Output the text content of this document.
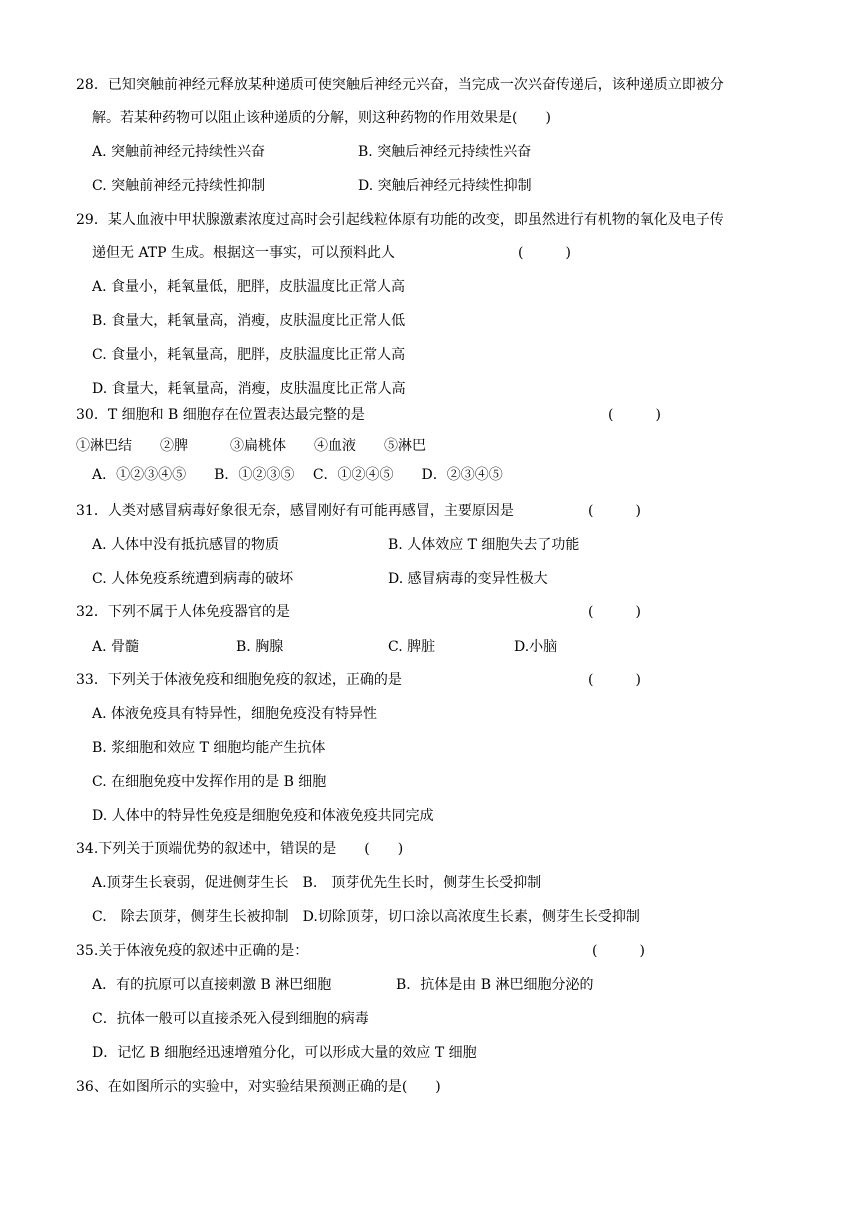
28．已知突触前神经元释放某种递质可使突触后神经元兴奋，当完成一次兴奋传递后，该种递质立即被分
解。若某种药物可以阻止该种递质的分解，则这种药物的作用效果是(　　)
A. 突触前神经元持续性兴奋	B. 突触后神经元持续性兴奋
C. 突触前神经元持续性抑制	D. 突触后神经元持续性抑制
29．某人血液中甲状腺激素浓度过高时会引起线粒体原有功能的改变，即虽然进行有机物的氧化及电子传
递但无 ATP 生成。根据这一事实，可以预料此人	(　　　)
A. 食量小，耗氧量低，肥胖，皮肤温度比正常人高
B. 食量大，耗氧量高，消瘦，皮肤温度比正常人低
C. 食量小，耗氧量高，肥胖，皮肤温度比正常人高
D. 食量大，耗氧量高，消瘦，皮肤温度比正常人高
30．T 细胞和 B 细胞存在位置表达最完整的是	(　　　)
①淋巴结　　②脾　　　③扁桃体　　④血液　　⑤淋巴
A．①②③④⑤　　B．①②③⑤　 C．①②④⑤　　D．②③④⑤
31．人类对感冒病毒好象很无奈，感冒刚好有可能再感冒，主要原因是	(　　　)
A. 人体中没有抵抗感冒的物质	B. 人体效应 T 细胞失去了功能
C. 人体免疫系统遭到病毒的破坏	D. 感冒病毒的变异性极大
32．下列不属于人体免疫器官的是	(　　　)
A. 骨髓	B. 胸腺	C. 脾脏	D.小脑
33．下列关于体液免疫和细胞免疫的叙述，正确的是	(　　　)
A. 体液免疫具有特异性，细胞免疫没有特异性
B. 浆细胞和效应 T 细胞均能产生抗体
C. 在细胞免疫中发挥作用的是 B 细胞
D. 人体中的特异性免疫是细胞免疫和体液免疫共同完成
34.下列关于顶端优势的叙述中，错误的是　　(　　)
A.顶芽生长衰弱，促进侧芽生长　B.　顶芽优先生长时，侧芽生长受抑制
C.　除去顶芽，侧芽生长被抑制　D.切除顶芽，切口涂以高浓度生长素，侧芽生长受抑制
35.关于体液免疫的叙述中正确的是：	(　　　)
A．有的抗原可以直接刺激 B 淋巴细胞	B．抗体是由 B 淋巴细胞分泌的
C．抗体一般可以直接杀死入侵到细胞的病毒
D．记忆 B 细胞经迅速增殖分化，可以形成大量的效应 T 细胞
36、在如图所示的实验中，对实验结果预测正确的是(　　)
